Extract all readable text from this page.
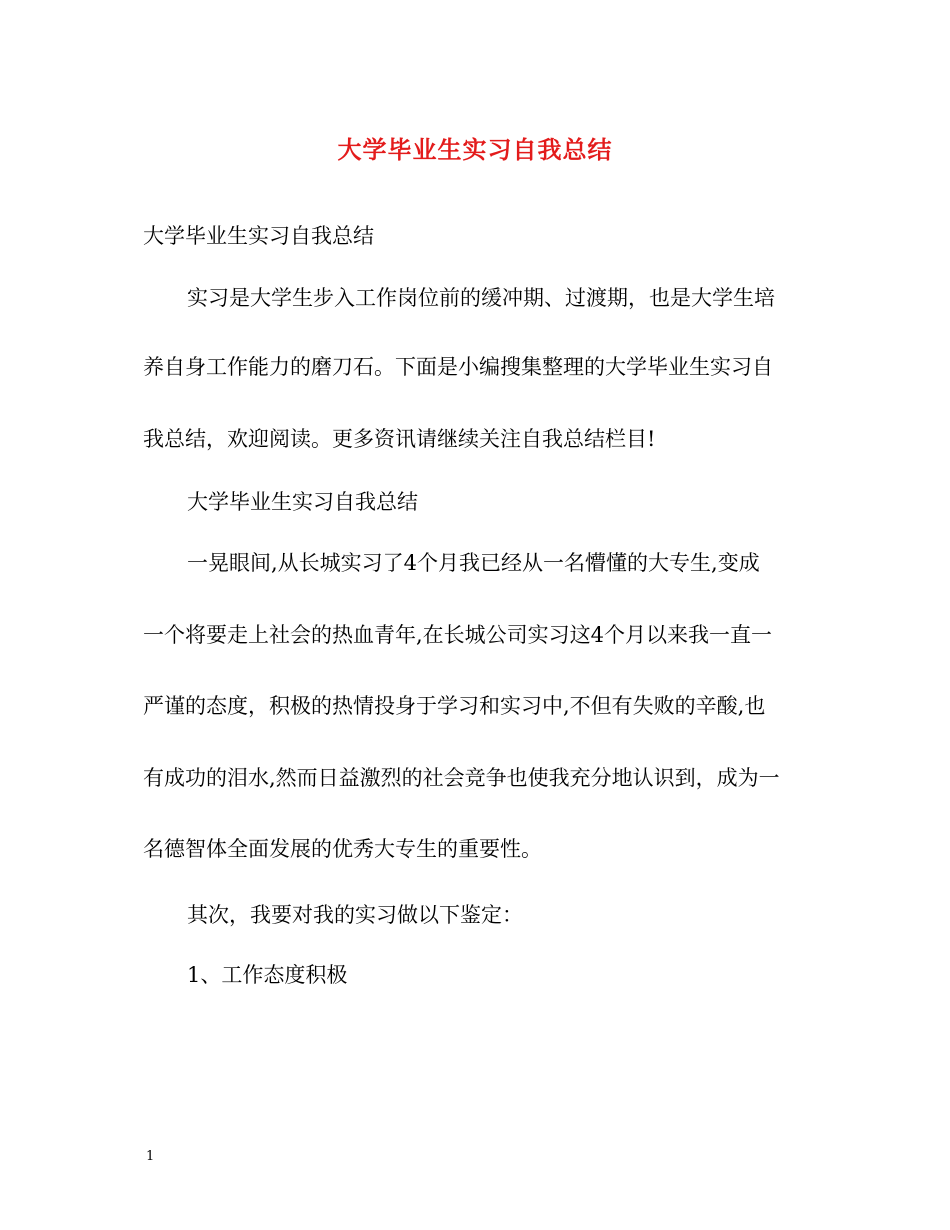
大学毕业生实习自我总结
大学毕业生实习自我总结
实习是大学生步入工作岗位前的缓冲期、过渡期，也是大学生培
养自身工作能力的磨刀石。下面是小编搜集整理的大学毕业生实习自
我总结，欢迎阅读。更多资讯请继续关注自我总结栏目!
大学毕业生实习自我总结
一晃眼间,从长城实习了4个月我已经从一名懵懂的大专生,变成
一个将要走上社会的热血青年,在长城公司实习这4个月以来我一直一
严谨的态度，积极的热情投身于学习和实习中,不但有失败的辛酸,也
有成功的泪水,然而日益激烈的社会竞争也使我充分地认识到，成为一
名德智体全面发展的优秀大专生的重要性。
其次，我要对我的实习做以下鉴定：
1、工作态度积极
1
